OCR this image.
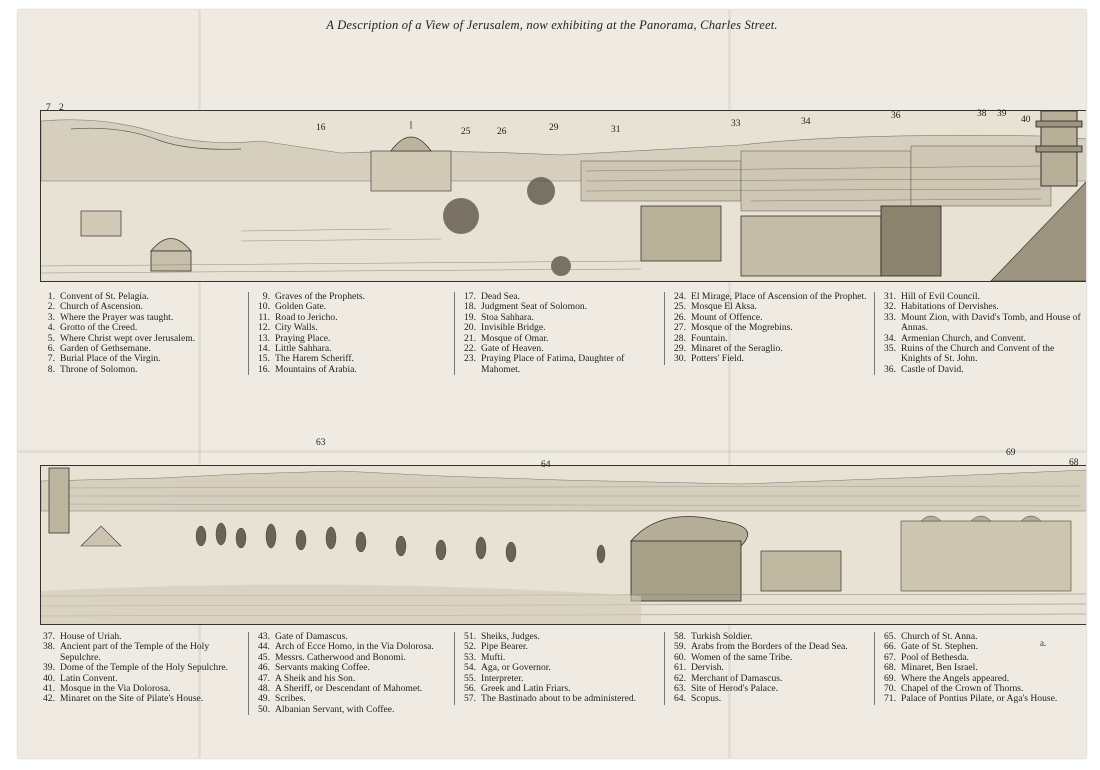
A Description of a View of Jerusalem, now exhibiting at the Panorama, Charles Street.
7 2
16	25	26	29	31
33	34
36	38 39
40
1. Convent of St. Pelagia.
2. Church of Ascension.
3. Where the Prayer was taught.
4. Grotto of the Creed.
5. Where Christ wept over Jerusalem.
6. Garden of Gethsemane.
7. Burial Place of the Virgin.
8. Throne of Solomon.
9. Graves of the Prophets.
10. Golden Gate.
11. Road to Jericho.
12. City Walls.
13. Praying Place.
14. Little Sahhara.
15. The Harem Scheriff.
16. Mountains of Arabia.
17. Dead Sea.
18. Judgment Seat of Solomon.
19. Stoa Sahhara.
20. Invisible Bridge.
21. Mosque of Omar.
22. Gate of Heaven.
23. Praying Place of Fatima, Daughter of Mahomet.
24. El Mirage, Place of Ascension of the Prophet.
25. Mosque El Aksa.
26. Mount of Offence.
27. Mosque of the Mogrebins.
28. Fountain.
29. Minaret of the Seraglio.
30. Potters' Field.
31. Hill of Evil Council.
32. Habitations of Dervishes.
33. Mount Zion, with David's Tomb, and House of Annas.
34. Armenian Church, and Convent.
35. Ruins of the Church and Convent of the Knights of St. John.
36. Castle of David.
63
64
69
68
37. House of Uriah.
38. Ancient part of the Temple of the Holy Sepulchre.
39. Dome of the Temple of the Holy Sepulchre.
40. Latin Convent.
41. Mosque in the Via Dolorosa.
42. Minaret on the Site of Pilate's House.
43. Gate of Damascus.
44. Arch of Ecce Homo, in the Via Dolorosa.
45. Messrs. Catherwood and Bonomi.
46. Servants making Coffee.
47. A Sheik and his Son.
48. A Sheriff, or Descendant of Mahomet.
49. Scribes.
50. Albanian Servant, with Coffee.
51. Sheiks, Judges.
52. Pipe Bearer.
53. Mufti.
54. Aga, or Governor.
55. Interpreter.
56. Greek and Latin Friars.
57. The Bastinado about to be administered.
58. Turkish Soldier.
59. Arabs from the Borders of the Dead Sea.
60. Women of the same Tribe.
61. Dervish.
62. Merchant of Damascus.
63. Site of Herod's Palace.
64. Scopus.
65. Church of St. Anna.
66. Gate of St. Stephen.
67. Pool of Bethesda.
68. Minaret, Ben Israel.
69. Where the Angels appeared.
70. Chapel of the Crown of Thorns.
71. Palace of Pontius Pilate, or Aga's House.
a.
